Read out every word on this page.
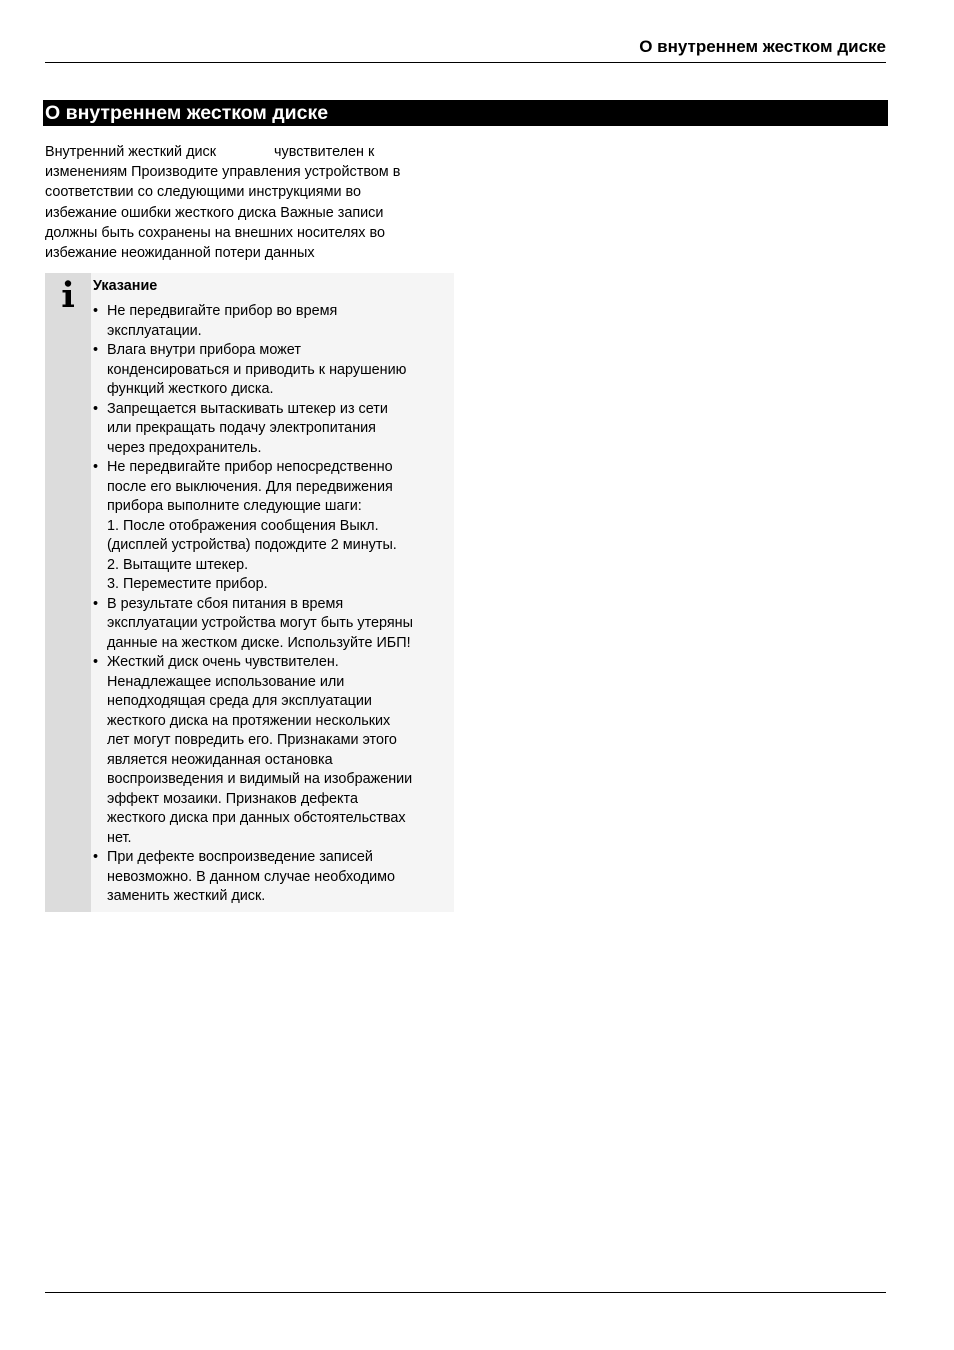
О внутреннем жестком диске
О внутреннем жестком диске

Внутренний жесткий диск	чувствителен к
изменениям Производите управления устройством в
соответствии со следующими инструкциями во
избежание ошибки жесткого диска Важные записи
должны быть сохранены на внешних носителях во
избежание неожиданной потери данных

Указание
• Не передвигайте прибор во время
эксплуатации.
• Влага внутри прибора может
конденсироваться и приводить к нарушению
функций жесткого диска.
• Запрещается вытаскивать штекер из сети
или прекращать подачу электропитания
через предохранитель.
• Не передвигайте прибор непосредственно
после его выключения. Для передвижения
прибора выполните следующие шаги:
1. После отображения сообщения Выкл.
(дисплей устройства) подождите 2 минуты.
2. Вытащите штекер.
3. Переместите прибор.
• В результате сбоя питания в время
эксплуатации устройства могут быть утеряны
данные на жестком диске. Используйте ИБП!
• Жесткий диск очень чувствителен.
Ненадлежащее использование или
неподходящая среда для эксплуатации
жесткого диска на протяжении нескольких
лет могут повредить его. Признаками этого
является неожиданная остановка
воспроизведения и видимый на изображении
эффект мозаики. Признаков дефекта
жесткого диска при данных обстоятельствах
нет.
• При дефекте воспроизведение записей
невозможно. В данном случае необходимо
заменить жесткий диск.
